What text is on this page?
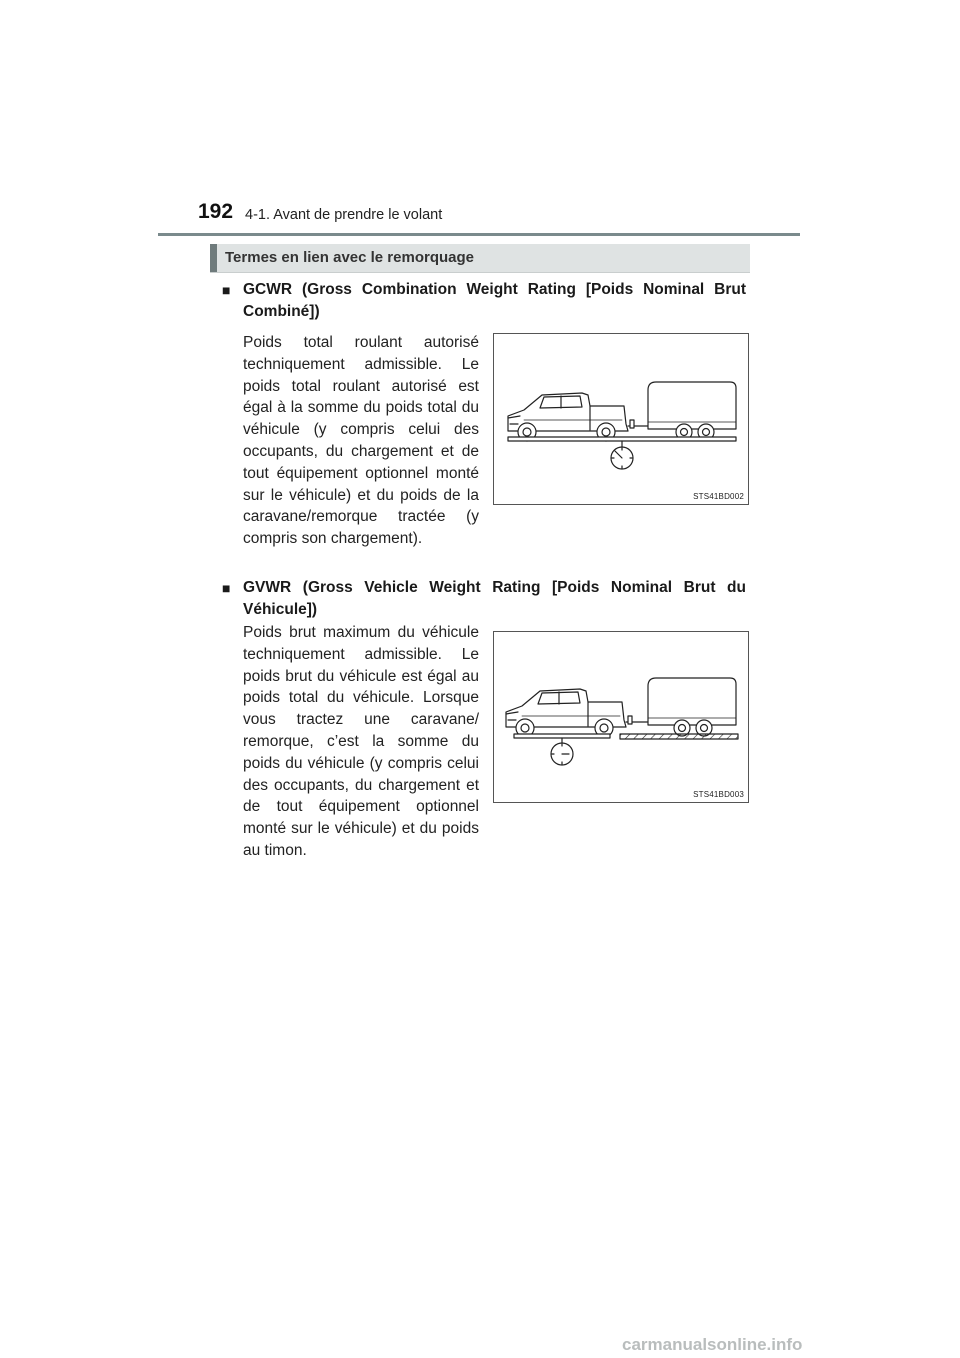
192 4-1. Avant de prendre le volant
Termes en lien avec le remorquage
■ GCWR (Gross Combination Weight Rating [Poids Nominal Brut Combiné])
Poids total roulant autorisé techniquement admissible. Le poids total roulant autorisé est égal à la somme du poids total du véhicule (y compris celui des occupants, du chargement et de tout équipement optionnel monté sur le véhicule) et du poids de la caravane/remorque tractée (y compris son chargement).
STS41BD002
■ GVWR (Gross Vehicle Weight Rating [Poids Nominal Brut du Véhicule])
Poids brut maximum du véhicule techniquement admissible. Le poids brut du véhicule est égal au poids total du véhicule. Lorsque vous tractez une caravane/ remorque, c’est la somme du poids du véhicule (y compris celui des occupants, du chargement et de tout équipement optionnel monté sur le véhicule) et du poids au timon.
STS41BD003
carmanualsonline.info
